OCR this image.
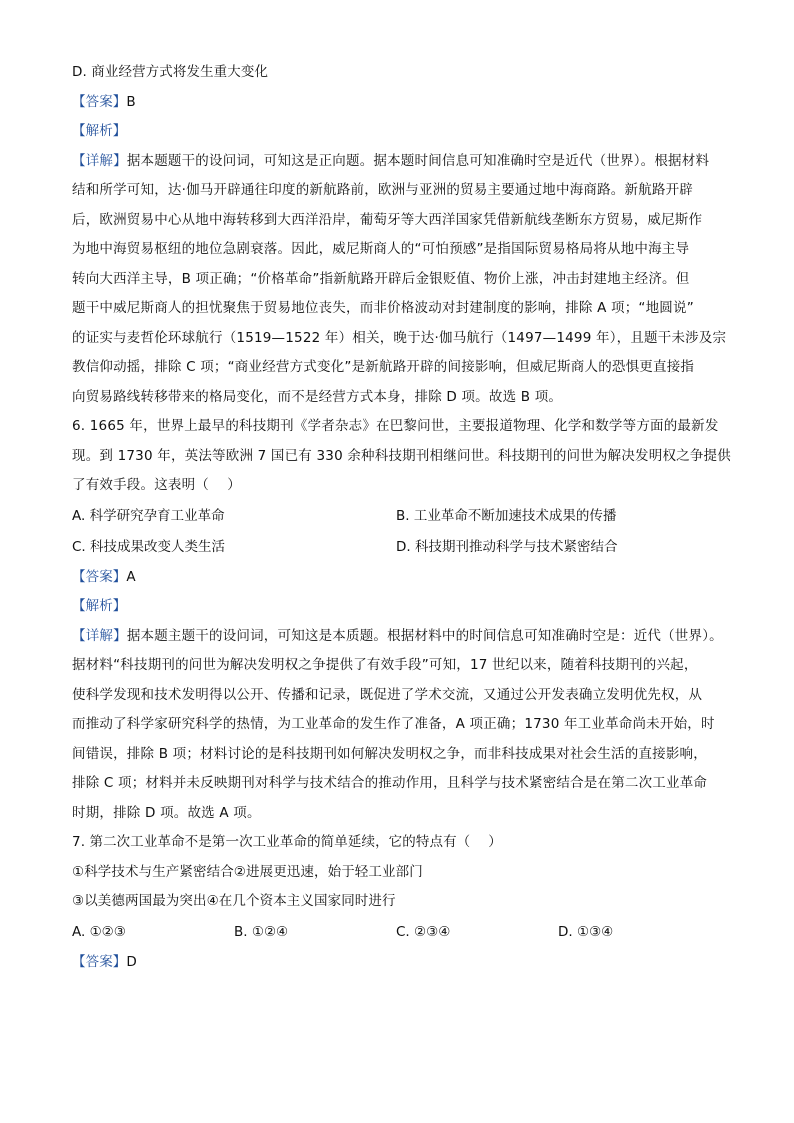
D. 商业经营方式将发生重大变化
【答案】B
【解析】
【详解】据本题题干的设问词，可知这是正向题。据本题时间信息可知准确时空是近代（世界）。根据材料
结和所学可知，达·伽马开辟通往印度的新航路前，欧洲与亚洲的贸易主要通过地中海商路。新航路开辟
后，欧洲贸易中心从地中海转移到大西洋沿岸，葡萄牙等大西洋国家凭借新航线垄断东方贸易，威尼斯作
为地中海贸易枢纽的地位急剧衰落。因此，威尼斯商人的“可怕预感”是指国际贸易格局将从地中海主导
转向大西洋主导，B 项正确；“价格革命”指新航路开辟后金银贬值、物价上涨，冲击封建地主经济。但
题干中威尼斯商人的担忧聚焦于贸易地位丧失，而非价格波动对封建制度的影响，排除 A 项；“地圆说”
的证实与麦哲伦环球航行（1519—1522 年）相关，晚于达·伽马航行（1497—1499 年），且题干未涉及宗
教信仰动摇，排除 C 项；“商业经营方式变化”是新航路开辟的间接影响，但威尼斯商人的恐惧更直接指
向贸易路线转移带来的格局变化，而不是经营方式本身，排除 D 项。故选 B 项。
6. 1665 年，世界上最早的科技期刊《学者杂志》在巴黎问世，主要报道物理、化学和数学等方面的最新发
现。到 1730 年，英法等欧洲 7 国已有 330 余种科技期刊相继问世。科技期刊的问世为解决发明权之争提供
了有效手段。这表明（　 ）
A. 科学研究孕育工业革命	B. 工业革命不断加速技术成果的传播
C. 科技成果改变人类生活	D. 科技期刊推动科学与技术紧密结合
【答案】A
【解析】
【详解】据本题主题干的设问词，可知这是本质题。根据材料中的时间信息可知准确时空是：近代（世界）。
据材料“科技期刊的问世为解决发明权之争提供了有效手段”可知，17 世纪以来，随着科技期刊的兴起，
使科学发现和技术发明得以公开、传播和记录，既促进了学术交流，又通过公开发表确立发明优先权，从
而推动了科学家研究科学的热情，为工业革命的发生作了准备，A 项正确；1730 年工业革命尚未开始，时
间错误，排除 B 项；材料讨论的是科技期刊如何解决发明权之争，而非科技成果对社会生活的直接影响，
排除 C 项；材料并未反映期刊对科学与技术结合的推动作用，且科学与技术紧密结合是在第二次工业革命
时期，排除 D 项。故选 A 项。
7. 第二次工业革命不是第一次工业革命的简单延续，它的特点有（　 ）
①科学技术与生产紧密结合②进展更迅速，始于轻工业部门
③以美德两国最为突出④在几个资本主义国家同时进行
A. ①②③	B. ①②④	C. ②③④	D. ①③④
【答案】D
